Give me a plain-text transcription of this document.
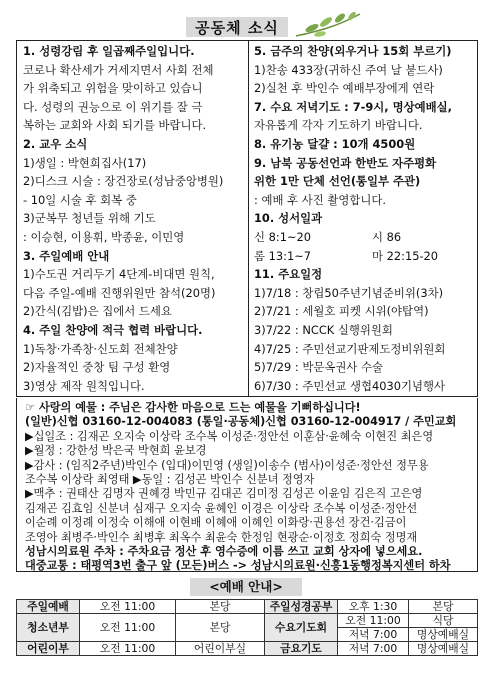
공동체 소식
1. 성령강림 후 일곱째주일입니다.
코로나 확산세가 거세지면서 사회 전체
가 위축되고 위험을 맞이하고 있습니
다. 성령의 권능으로 이 위기를 잘 극
복하는 교회와 사회 되기를 바랍니다.
2. 교우 소식
1)생일 : 박현희집사(17)
2)디스크 시술 : 장건장로(성남중앙병원)
- 10일 시술 후 회복 중
3)군복무 청년들 위해 기도
: 이승현, 이용휘, 박종윤, 이민영
3. 주일예배 안내
1)수도권 거리두기 4단계-비대면 원칙,
다음 주일-예배 진행위원만 참석(20명)
2)간식(김밥)은 집에서 드세요
4. 주일 찬양에 적극 협력 바랍니다.
1)독창·가족창·신도회 전체찬양
2)자율적인 중창 팀 구성 환영
3)영상 제작 원칙입니다.
5. 금주의 찬양(외우거나 15회 부르기)
1)찬송 433장(귀하신 주여 날 붙드사)
2)실천 후 박인수 예배부장에게 연락
7. 수요 저녁기도 : 7-9시, 명상예배실,
자유롭게 각자 기도하기 바랍니다.
8. 유기농 달걀 : 10개 4500원
9. 남북 공동선언과 한반도 자주평화
위한 1만 단체 선언(통일부 주관)
: 예배 후 사진 촬영합니다.
10. 성서일과
신 8:1~20	시 86
롬 13:1~7	마 22:15-20
11. 주요일정
1)7/18 : 창립50주년기념준비위(3차)
2)7/21 : 세월호 피켓 시위(야탑역)
3)7/22 : NCCK 실행위원회
4)7/25 : 주민선교기판제도정비위원회
5)7/29 : 박문옥권사 수술
6)7/30 : 주민선교 생협4030기념행사
☞ 사랑의 예물 : 주님은 감사한 마음으로 드는 예물을 기뻐하십니다!
(일반)신협 03160-12-004083 (통일·공동체)신협 03160-12-004917 / 주민교회
▶십일조 : 김재곤 오지숙 이상락 조수복 이성준·정안선 이훈삼·윤혜숙 이현진 최은영
▶월정 : 강한성 박은국 박현희 윤보경
▶감사 : (임직2주년)박인수 (입대)이민영 (생일)이송수 (범사)이성준·정안선 정무용
조수복 이상락 최영태 ▶동일 : 김성곤 박인수 신분녀 정영자
▶맥추 : 권태산 김명자 권혜경 박민규 김대곤 김미정 김성곤 이윤임 김은직 고은영
김재곤 김효임 신분녀 심재구 오지숙 윤혜인 이경은 이상락 조수복 이성준·정안선
이순례 이정례 이정숙 이해애 이현배 이혜애 이혜인 이화랑·권용선 장건·김금이
조영아 최병주·박인수 최병후 최옥수 최윤숙 한정임 현광순·이정호 정희숙 정명재
성남시의료원 주차 : 주차요금 정산 후 영수증에 이름 쓰고 교회 상자에 넣으세요.
대중교통 : 태평역3번 출구 앞 (모든)버스 -> 성남시의료원·신흥1동행정복지센터 하차
<예배 안내>
주일예배	오전 11:00	본당	주일성경공부	오후 1:30	본당
청소년부	오전 11:00	본당	수요기도회	오전 11:00	식당
				저녁 7:00	명상예배실
어린이부	오전 11:00	어린이부실	금요기도	저녁 7:00	명상예배실
